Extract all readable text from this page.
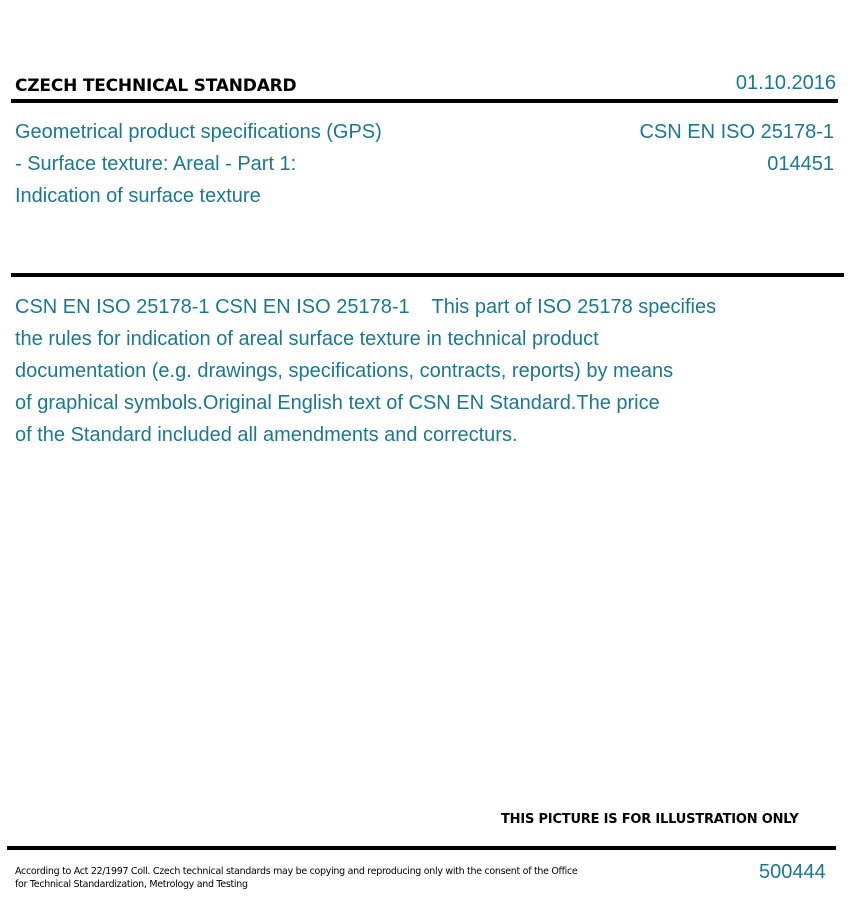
CZECH TECHNICAL STANDARD	01.10.2016
Geometrical product specifications (GPS)
- Surface texture: Areal - Part 1:
Indication of surface texture
CSN EN ISO 25178-1
014451
CSN EN ISO 25178-1 CSN EN ISO 25178-1    This part of ISO 25178 specifies
the rules for indication of areal surface texture in technical product
documentation (e.g. drawings, specifications, contracts, reports) by means
of graphical symbols.Original English text of CSN EN Standard.The price
of the Standard included all amendments and correcturs.
THIS PICTURE IS FOR ILLUSTRATION ONLY
According to Act 22/1997 Coll. Czech technical standards may be copying and reproducing only with the consent of the Office
for Technical Standardization, Metrology and Testing
500444
